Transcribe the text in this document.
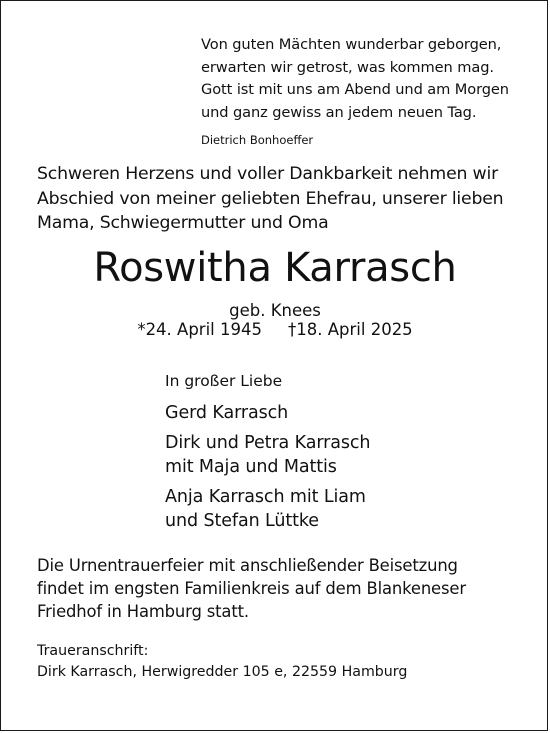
Von guten Mächten wunderbar geborgen,
erwarten wir getrost, was kommen mag.
Gott ist mit uns am Abend und am Morgen
und ganz gewiss an jedem neuen Tag.
Dietrich Bonhoeffer
Schweren Herzens und voller Dankbarkeit nehmen wir
Abschied von meiner geliebten Ehefrau, unserer lieben
Mama, Schwiegermutter und Oma
Roswitha Karrasch
geb. Knees
*24. April 1945 †18. April 2025
In großer Liebe
Gerd Karrasch
Dirk und Petra Karrasch
mit Maja und Mattis
Anja Karrasch mit Liam
und Stefan Lüttke
Die Urnentrauerfeier mit anschließender Beisetzung
findet im engsten Familienkreis auf dem Blankeneser
Friedhof in Hamburg statt.
Traueranschrift:
Dirk Karrasch, Herwigredder 105 e, 22559 Hamburg
